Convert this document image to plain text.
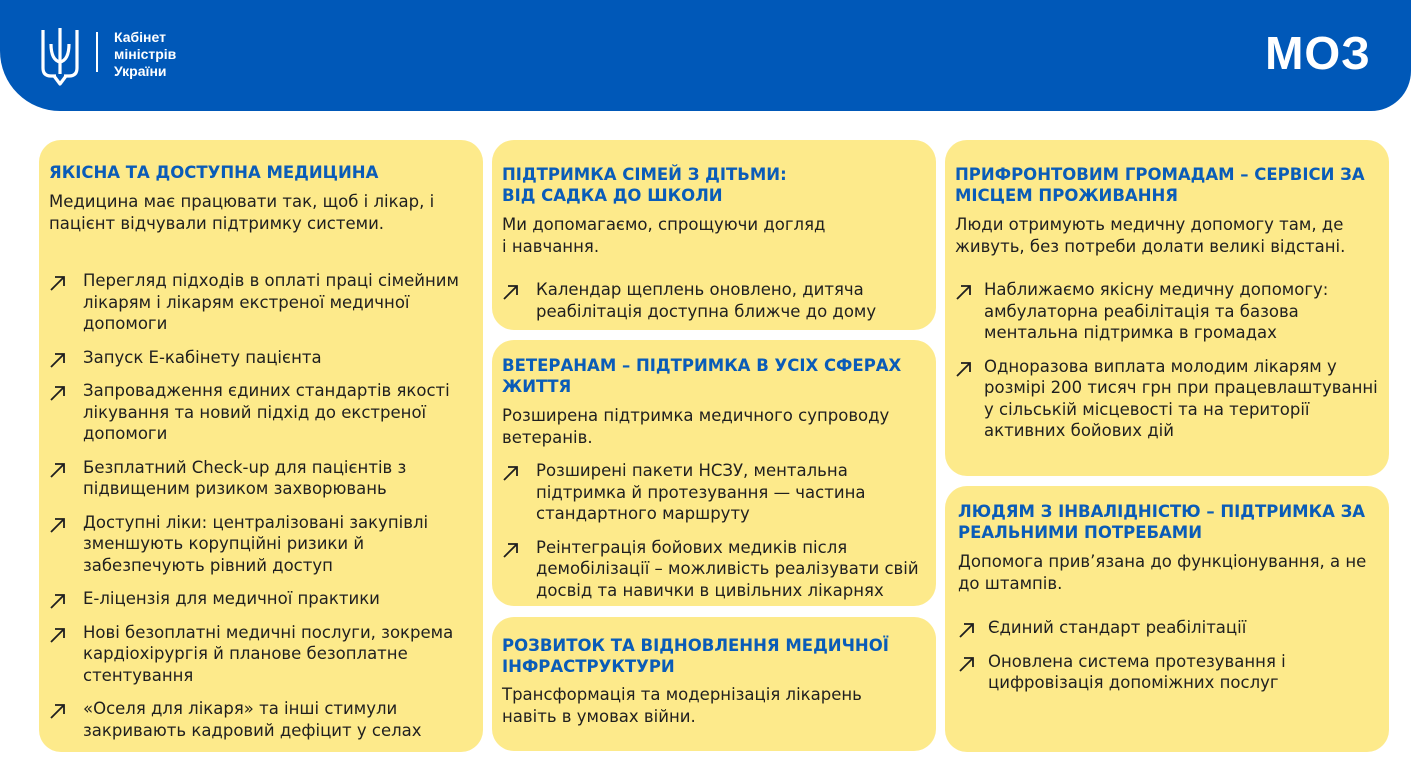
Кабінет
міністрів
України	МОЗ
ЯКІСНА ТА ДОСТУПНА МЕДИЦИНА
Медицина має працювати так, щоб і лікар, і пацієнт відчували підтримку системи.
Перегляд підходів в оплаті праці сімейним лікарям і лікарям екстреної медичної допомоги
Запуск Е-кабінету пацієнта
Запровадження єдиних стандартів якості лікування та новий підхід до екстреної допомоги
Безплатний Check-up для пацієнтів з підвищеним ризиком захворювань
Доступні ліки: централізовані закупівлі зменшують корупційні ризики й забезпечують рівний доступ
Е-ліцензія для медичної практики
Нові безоплатні медичні послуги, зокрема кардіохірургія й планове безоплатне стентування
«Оселя для лікаря» та інші стимули закривають кадровий дефіцит у селах
ПІДТРИМКА СІМЕЙ З ДІТЬМИ:
ВІД САДКА ДО ШКОЛИ
Ми допомагаємо, спрощуючи догляд
і навчання.
Календар щеплень оновлено, дитяча реабілітація доступна ближче до дому
ВЕТЕРАНАМ – ПІДТРИМКА В УСІХ СФЕРАХ ЖИТТЯ
Розширена підтримка медичного супроводу ветеранів.
Розширені пакети НСЗУ, ментальна підтримка й протезування — частина стандартного маршруту
Реінтеграція бойових медиків після демобілізації – можливість реалізувати свій досвід та навички в цивільних лікарнях
РОЗВИТОК ТА ВІДНОВЛЕННЯ МЕДИЧНОЇ ІНФРАСТРУКТУРИ
Трансформація та модернізація лікарень
навіть в умовах війни.
ПРИФРОНТОВИМ ГРОМАДАМ – СЕРВІСИ ЗА МІСЦЕМ ПРОЖИВАННЯ
Люди отримують медичну допомогу там, де живуть, без потреби долати великі відстані.
Наближаємо якісну медичну допомогу: амбулаторна реабілітація та базова ментальна підтримка в громадах
Одноразова виплата молодим лікарям у розмірі 200 тисяч грн при працевлаштуванні у сільській місцевості та на території активних бойових дій
ЛЮДЯМ З ІНВАЛІДНІСТЮ – ПІДТРИМКА ЗА РЕАЛЬНИМИ ПОТРЕБАМИ
Допомога прив’язана до функціонування, а не до штампів.
Єдиний стандарт реабілітації
Оновлена система протезування і цифровізація допоміжних послуг
